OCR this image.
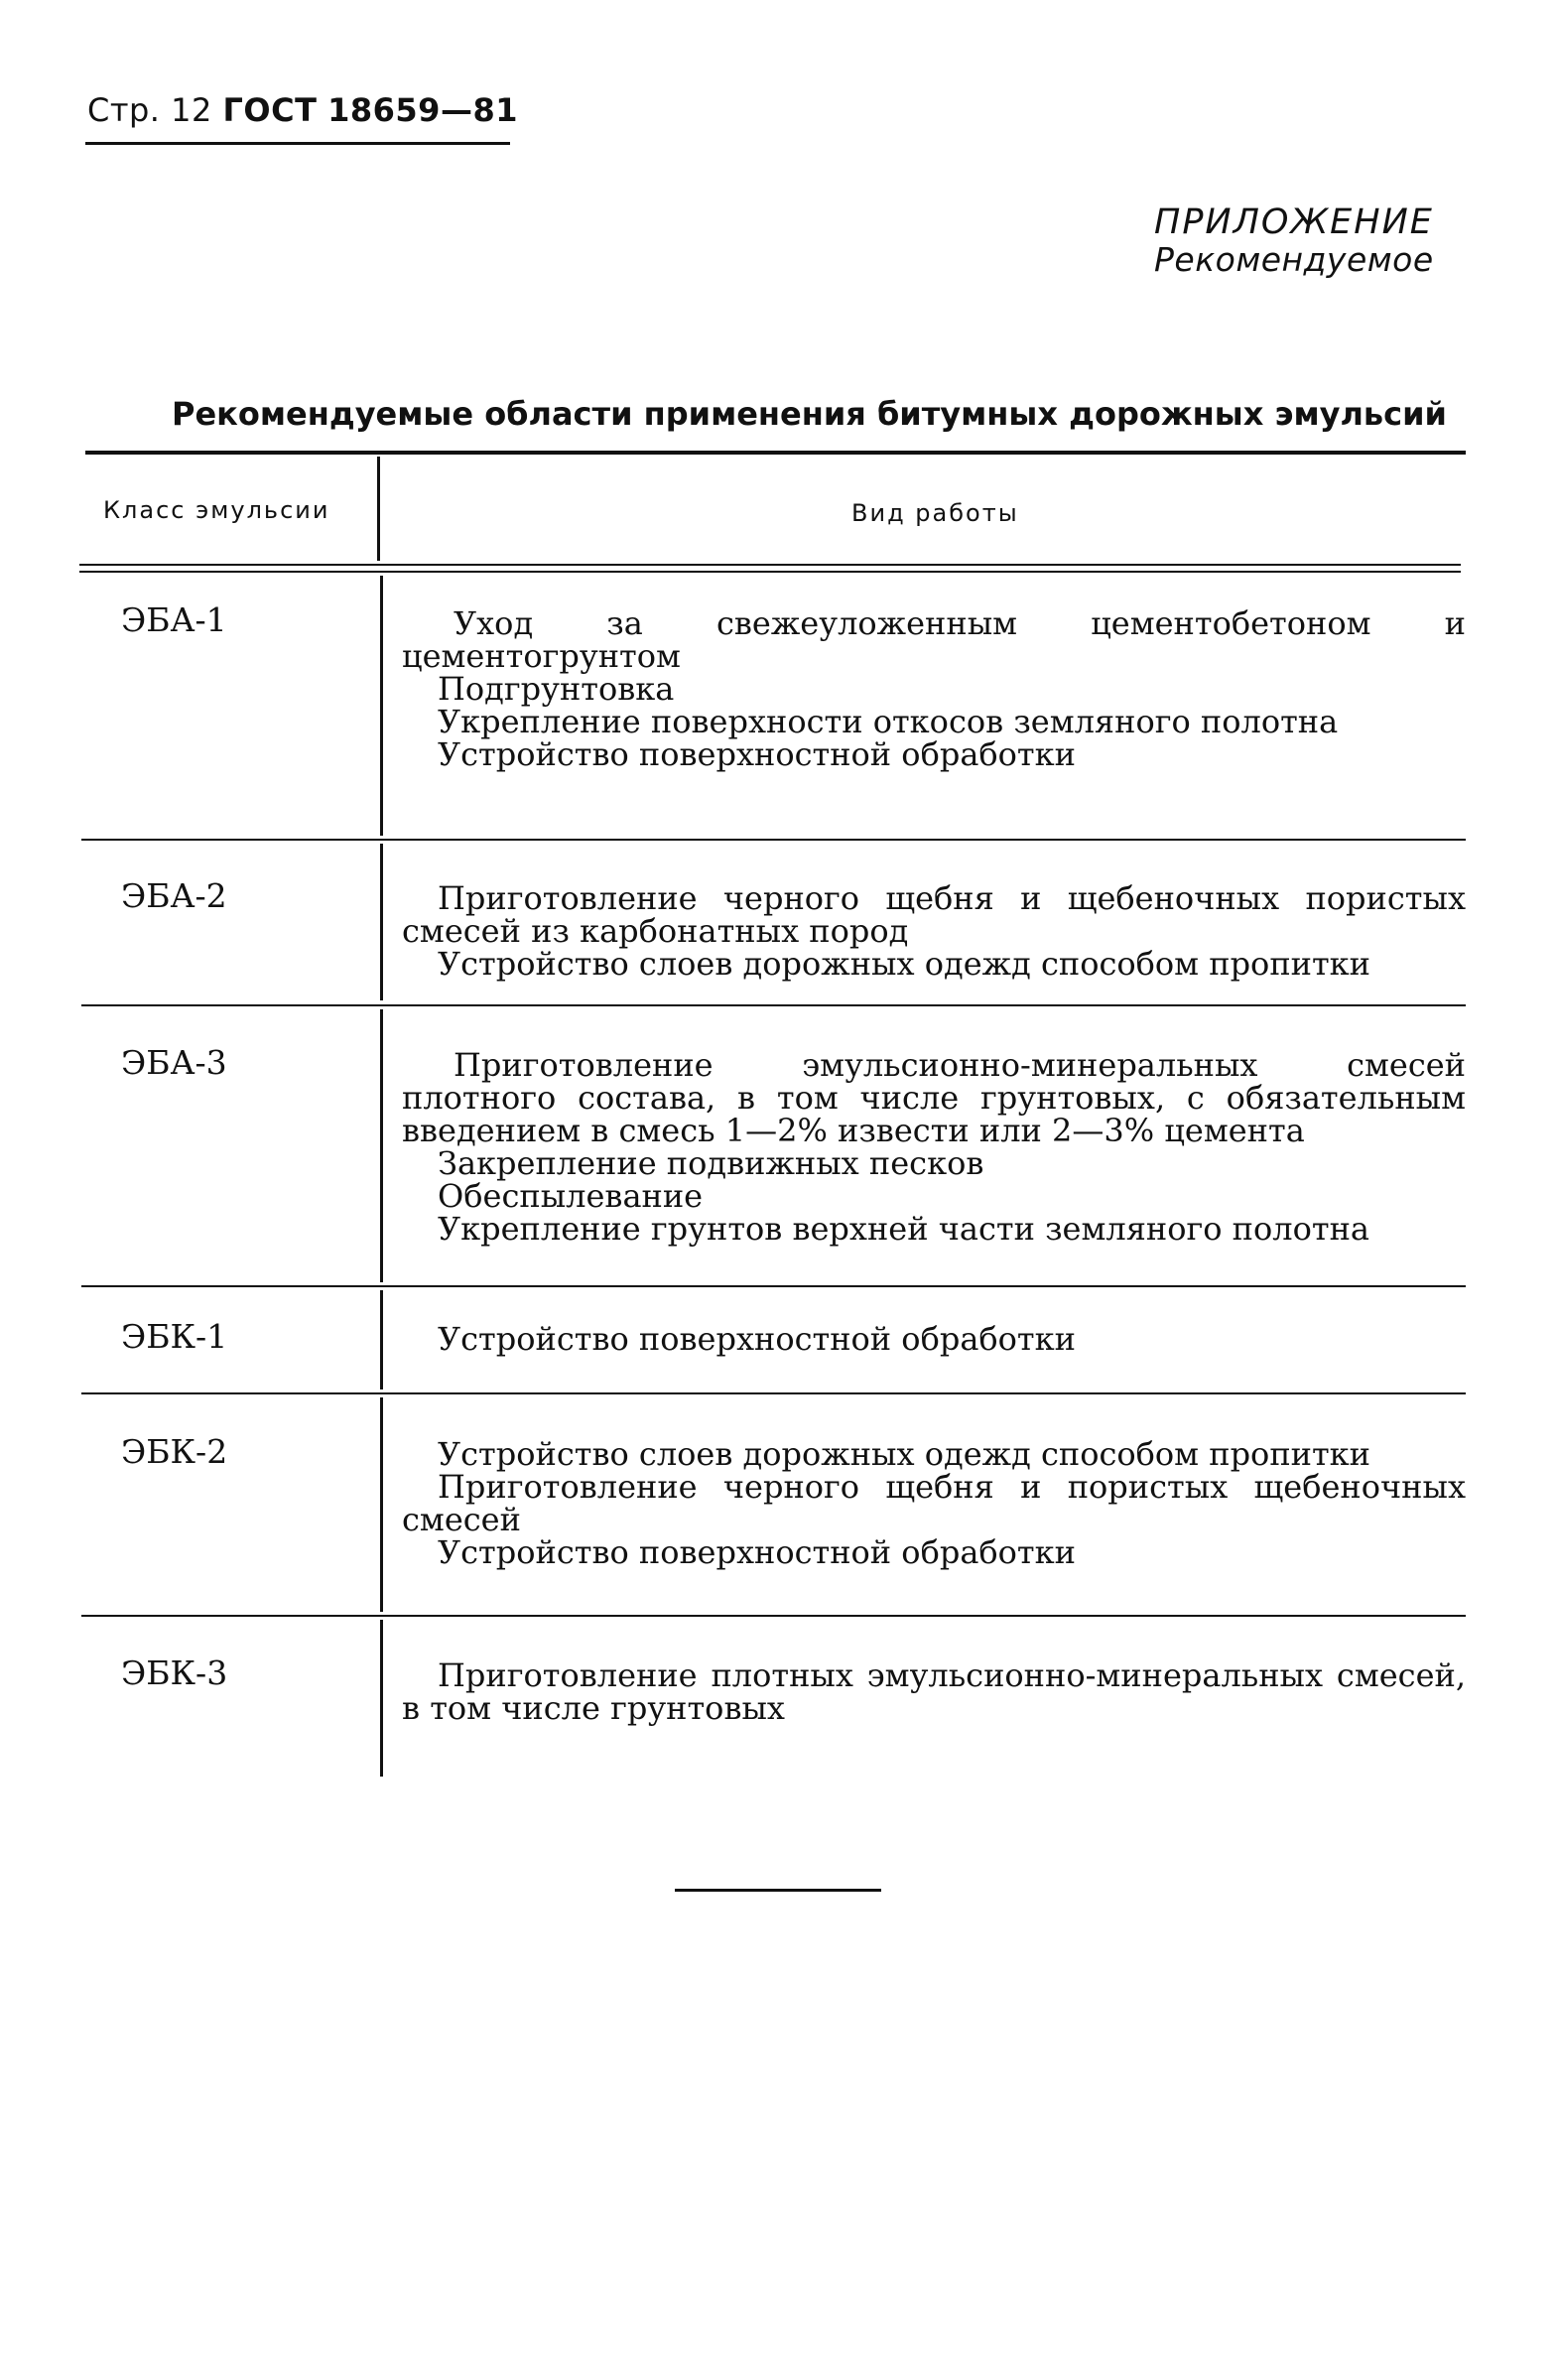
Стр. 12 ГОСТ 18659—81
ПРИЛОЖЕНИЕ
Рекомендуемое
Рекомендуемые области применения битумных дорожных эмульсий
Класс эмульсии	Вид работы
ЭБА-1	Уход за свежеуложенным цементобетоном и цементогрунтом
Подгрунтовка
Укрепление поверхности откосов земляного полотна
Устройство поверхностной обработки
ЭБА-2	Приготовление черного щебня и щебеночных пористых смесей из карбонатных пород
Устройство слоев дорожных одежд способом пропитки
ЭБА-3	Приготовление эмульсионно-минеральных смесей плотного состава, в том числе грунтовых, с обязательным введением в смесь 1—2% извести или 2—3% цемента
Закрепление подвижных песков
Обеспылевание
Укрепление грунтов верхней части земляного полотна
ЭБК-1	Устройство поверхностной обработки
ЭБК-2	Устройство слоев дорожных одежд способом пропитки
Приготовление черного щебня и пористых щебеночных смесей
Устройство поверхностной обработки
ЭБК-3	Приготовление плотных эмульсионно-минеральных смесей, в том числе грунтовых
